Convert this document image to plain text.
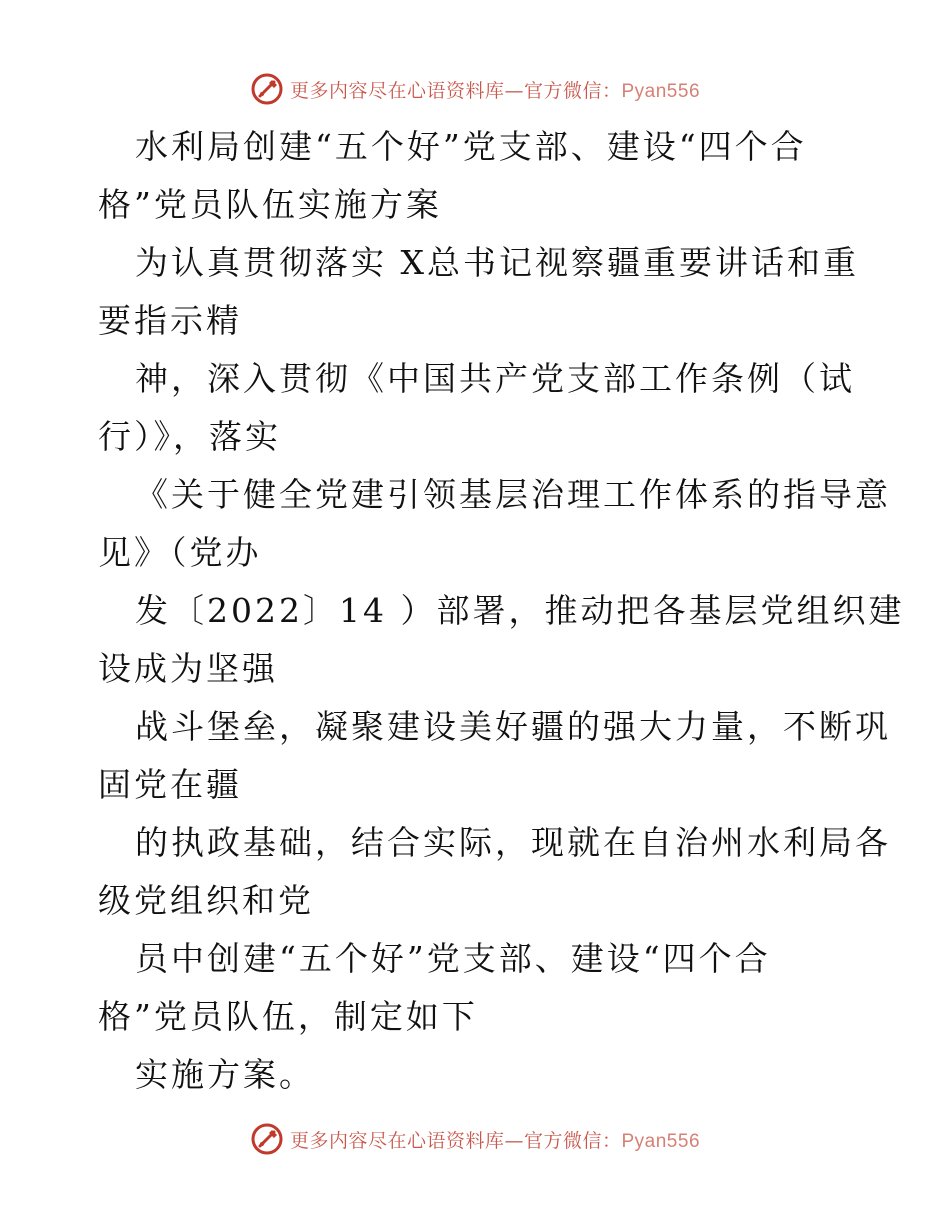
更多内容尽在心语资料库—官方微信：Pyan556
水利局创建“五个好”党支部、建设“四个合
格”党员队伍实施方案
为认真贯彻落实 X总书记视察疆重要讲话和重
要指示精
神，深入贯彻《中国共产党支部工作条例（试
行）》，落实
《关于健全党建引领基层治理工作体系的指导意
见》（党办
发〔2022〕14 ）部署，推动把各基层党组织建
设成为坚强
战斗堡垒，凝聚建设美好疆的强大力量，不断巩
固党在疆
的执政基础，结合实际，现就在自治州水利局各
级党组织和党
员中创建“五个好”党支部、建设“四个合
格”党员队伍，制定如下
实施方案。
更多内容尽在心语资料库—官方微信：Pyan556
